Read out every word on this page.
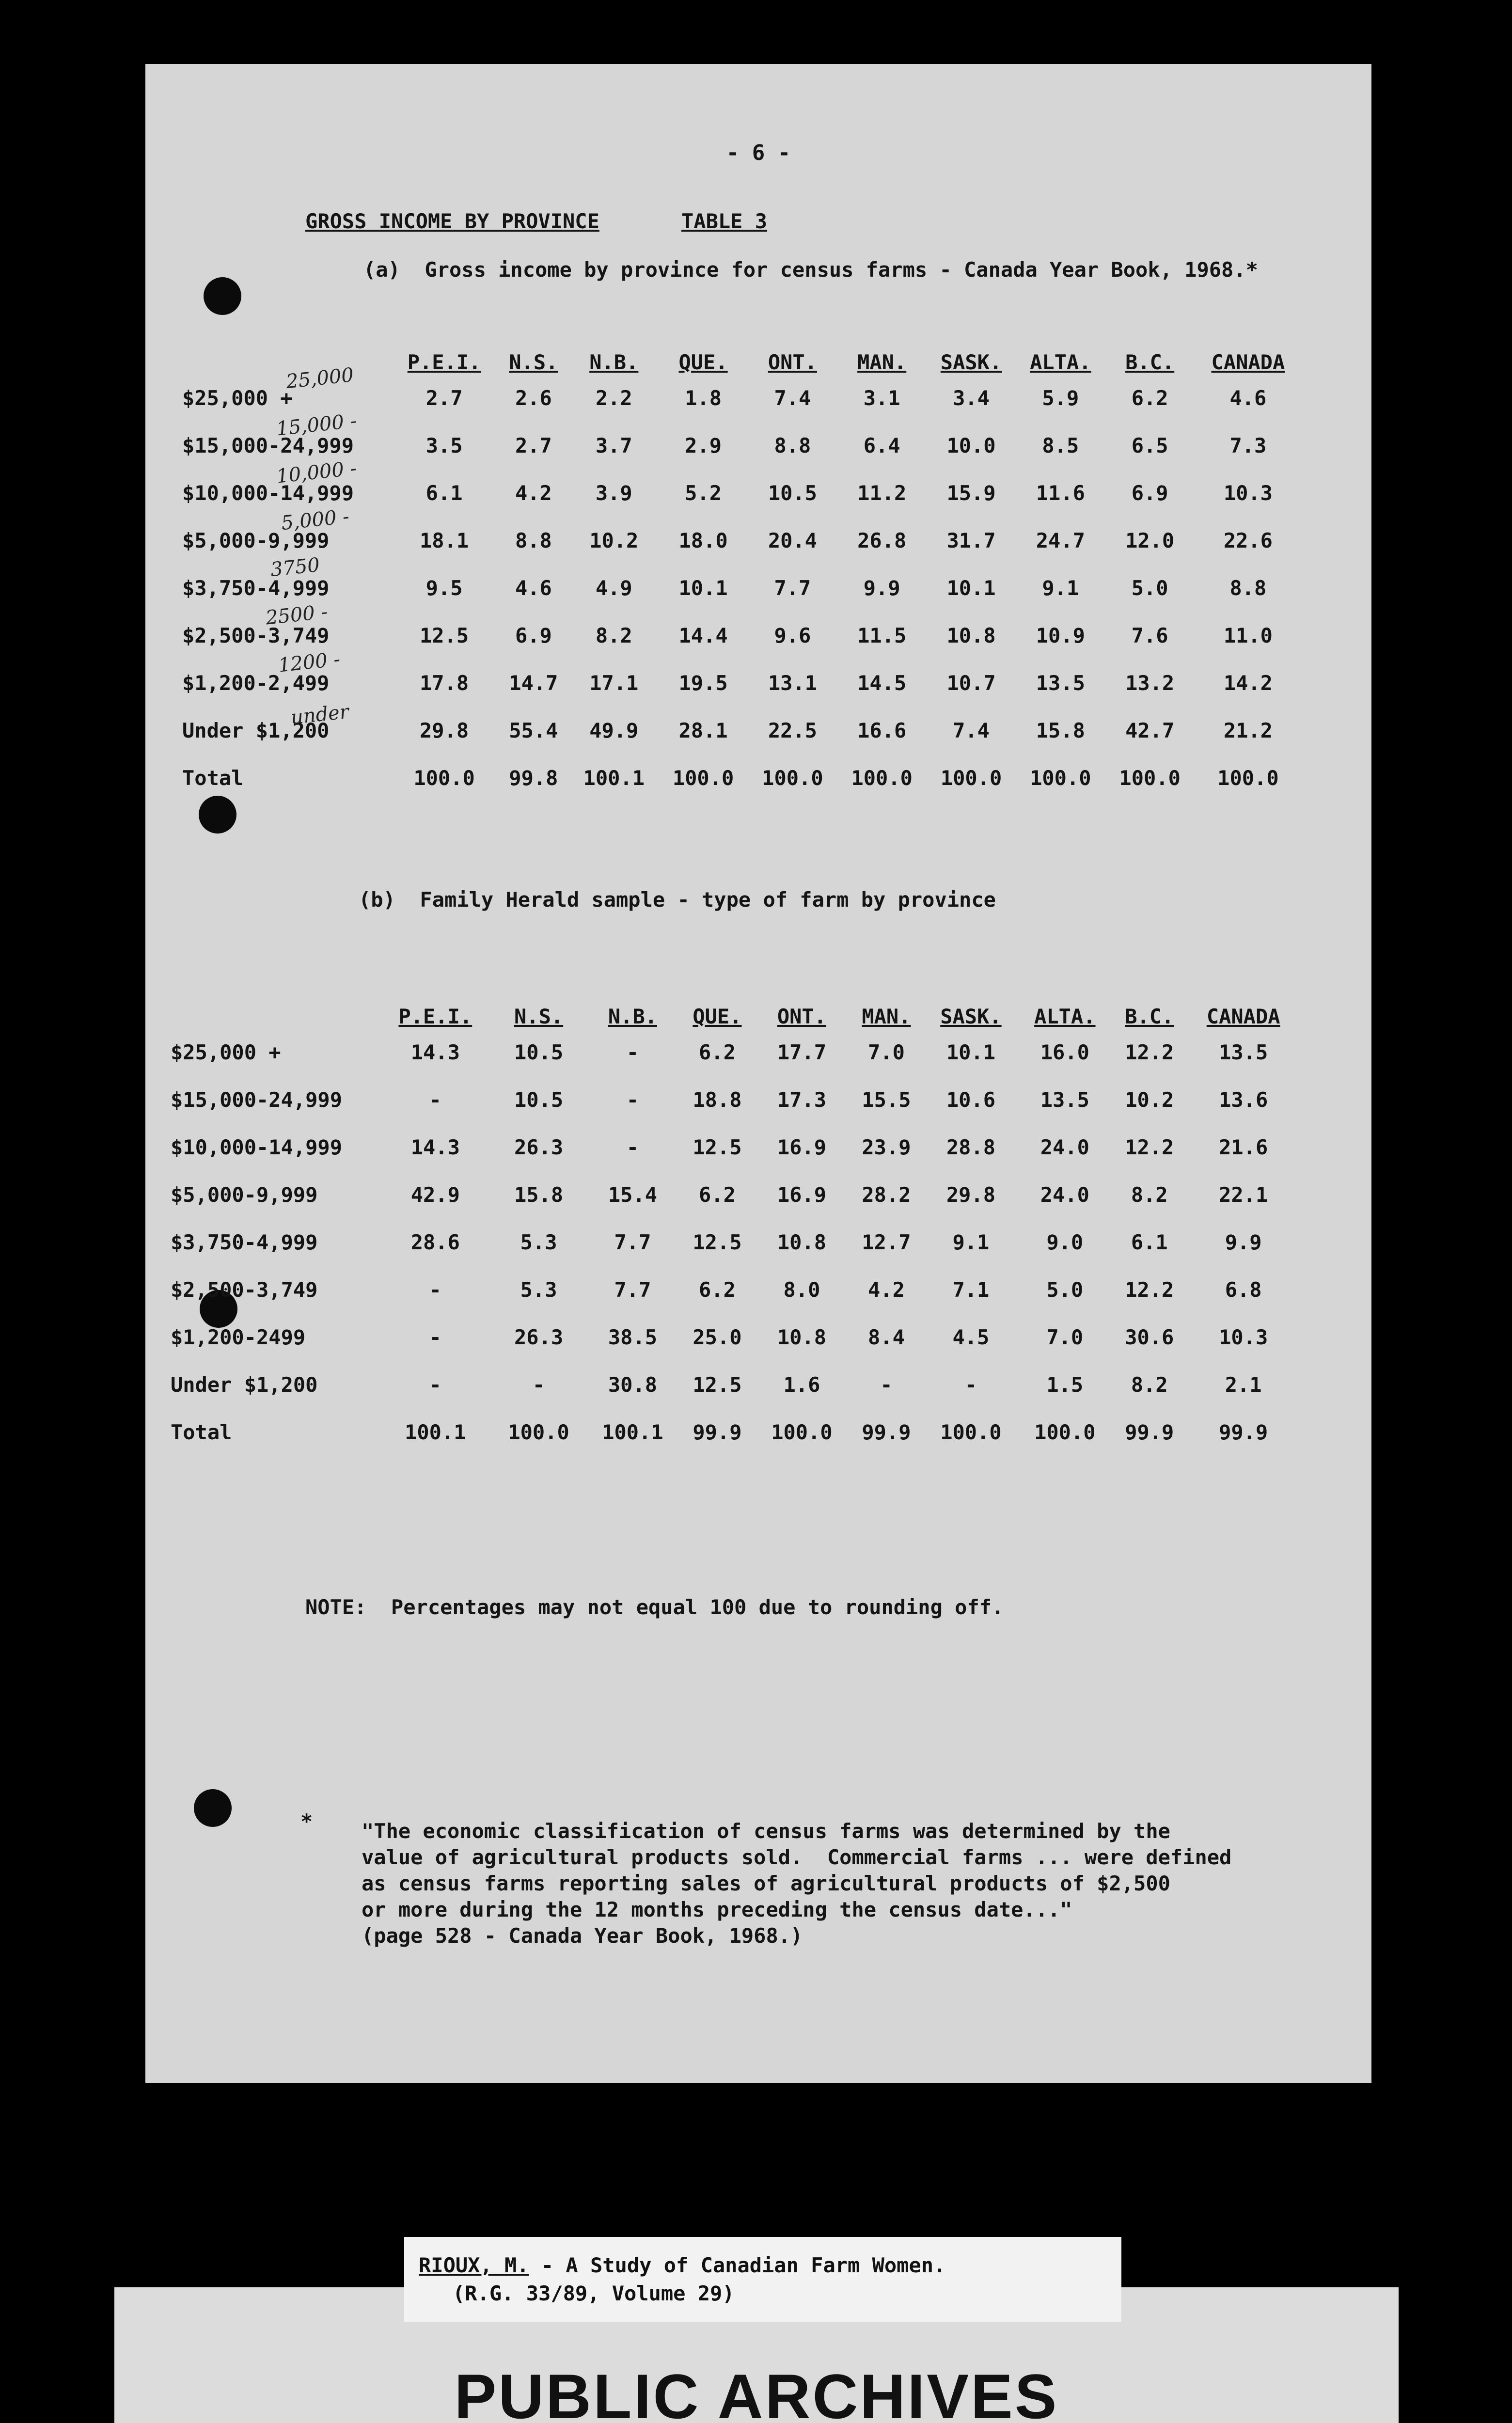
- 6 -
GROSS INCOME BY PROVINCE	TABLE 3
(a)  Gross income by province for census farms - Canada Year Book, 1968.*
	P.E.I.	N.S.	N.B.	QUE.	ONT.	MAN.	SASK.	ALTA.	B.C.	CANADA
$25,000 +	2.7	2.6	2.2	1.8	7.4	3.1	3.4	5.9	6.2	4.6
$15,000-24,999	3.5	2.7	3.7	2.9	8.8	6.4	10.0	8.5	6.5	7.3
$10,000-14,999	6.1	4.2	3.9	5.2	10.5	11.2	15.9	11.6	6.9	10.3
$5,000-9,999	18.1	8.8	10.2	18.0	20.4	26.8	31.7	24.7	12.0	22.6
$3,750-4,999	9.5	4.6	4.9	10.1	7.7	9.9	10.1	9.1	5.0	8.8
$2,500-3,749	12.5	6.9	8.2	14.4	9.6	11.5	10.8	10.9	7.6	11.0
$1,200-2,499	17.8	14.7	17.1	19.5	13.1	14.5	10.7	13.5	13.2	14.2
Under $1,200	29.8	55.4	49.9	28.1	22.5	16.6	7.4	15.8	42.7	21.2
Total	100.0	99.8	100.1	100.0	100.0	100.0	100.0	100.0	100.0	100.0
25,000
15,000 -
10,000 -
5,000 -
3750
2500 -
1200 -
under
(b)  Family Herald sample - type of farm by province
	P.E.I.	N.S.	N.B.	QUE.	ONT.	MAN.	SASK.	ALTA.	B.C.	CANADA
$25,000 +	14.3	10.5	-	6.2	17.7	7.0	10.1	16.0	12.2	13.5
$15,000-24,999	-	10.5	-	18.8	17.3	15.5	10.6	13.5	10.2	13.6
$10,000-14,999	14.3	26.3	-	12.5	16.9	23.9	28.8	24.0	12.2	21.6
$5,000-9,999	42.9	15.8	15.4	6.2	16.9	28.2	29.8	24.0	8.2	22.1
$3,750-4,999	28.6	5.3	7.7	12.5	10.8	12.7	9.1	9.0	6.1	9.9
$2,500-3,749	-	5.3	7.7	6.2	8.0	4.2	7.1	5.0	12.2	6.8
$1,200-2499	-	26.3	38.5	25.0	10.8	8.4	4.5	7.0	30.6	10.3
Under $1,200	-	-	30.8	12.5	1.6	-	-	1.5	8.2	2.1
Total	100.1	100.0	100.1	99.9	100.0	99.9	100.0	100.0	99.9	99.9
NOTE:  Percentages may not equal 100 due to rounding off.
* "The economic classification of census farms was determined by the
value of agricultural products sold.  Commercial farms ... were defined
as census farms reporting sales of agricultural products of $2,500
or more during the 12 months preceding the census date..."
(page 528 - Canada Year Book, 1968.)
PUBLIC ARCHIVES
RIOUX, M. - A Study of Canadian Farm Women.
(R.G. 33/89, Volume 29)
